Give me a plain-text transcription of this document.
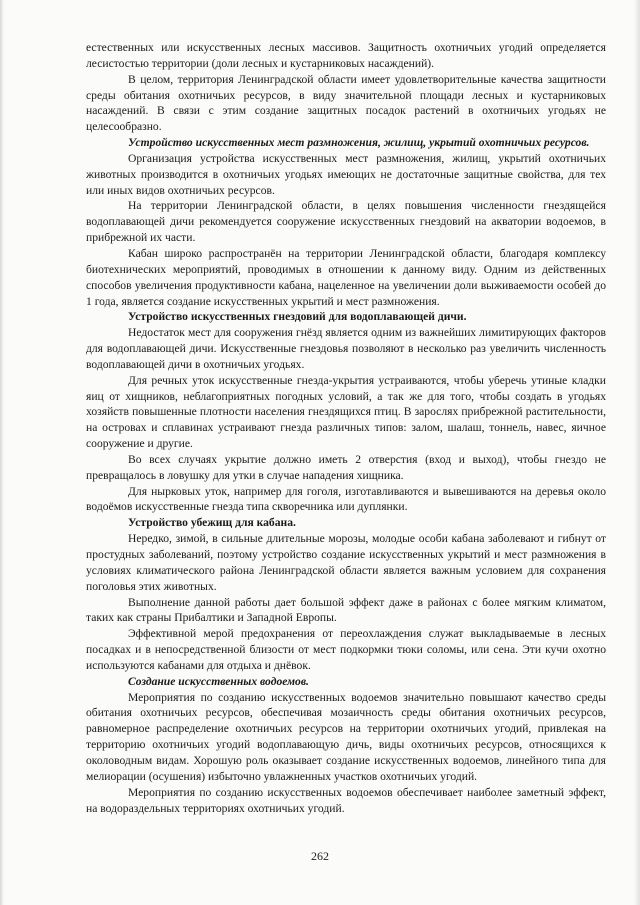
естественных или искусственных лесных массивов. Защитность охотничьих угодий определяется лесистостью территории (доли лесных и кустарниковых насаждений).

В целом, территория Ленинградской области имеет удовлетворительные качества защитности среды обитания охотничьих ресурсов, в виду значительной площади лесных и кустарниковых насаждений. В связи с этим создание защитных посадок растений в охотничьих угодьях не целесообразно.

Устройство искусственных мест размножения, жилищ, укрытий охотничьих ресурсов.

Организация устройства искусственных мест размножения, жилищ, укрытий охотничьих животных производится в охотничьих угодьях имеющих не достаточные защитные свойства, для тех или иных видов охотничьих ресурсов.

На территории Ленинградской области, в целях повышения численности гнездящейся водоплавающей дичи рекомендуется сооружение искусственных гнездовий на акватории водоемов, в прибрежной их части.

Кабан широко распространён на территории Ленинградской области, благодаря комплексу биотехнических мероприятий, проводимых в отношении к данному виду. Одним из действенных способов увеличения продуктивности кабана, нацеленное на увеличении доли выживаемости особей до 1 года, является создание искусственных укрытий и мест размножения.

Устройство искусственных гнездовий для водоплавающей дичи.

Недостаток мест для сооружения гнёзд является одним из важнейших лимитирующих факторов для водоплавающей дичи. Искусственные гнездовья позволяют в несколько раз увеличить численность водоплавающей дичи в охотничьих угодьях.

Для речных уток искусственные гнезда-укрытия устраиваются, чтобы уберечь утиные кладки яиц от хищников, неблагоприятных погодных условий, а так же для того, чтобы создать в угодьях хозяйств повышенные плотности населения гнездящихся птиц. В зарослях прибрежной растительности, на островах и сплавинах устраивают гнезда различных типов: залом, шалаш, тоннель, навес, яичное сооружение и другие.

Во всех случаях укрытие должно иметь 2 отверстия (вход и выход), чтобы гнездо не превращалось в ловушку для утки в случае нападения хищника.

Для нырковых уток, например для гоголя, изготавливаются и вывешиваются на деревья около водоёмов искусственные гнезда типа скворечника или дуплянки.

Устройство убежищ для кабана.

Нередко, зимой, в сильные длительные морозы, молодые особи кабана заболевают и гибнут от простудных заболеваний, поэтому устройство создание искусственных укрытий и мест размножения в условиях климатического района Ленинградской области является важным условием для сохранения поголовья этих животных.

Выполнение данной работы дает большой эффект даже в районах с более мягким климатом, таких как страны Прибалтики и Западной Европы.

Эффективной мерой предохранения от переохлаждения служат выкладываемые в лесных посадках и в непосредственной близости от мест подкормки тюки соломы, или сена. Эти кучи охотно используются кабанами для отдыха и днёвок.

Создание искусственных водоемов.

Мероприятия по созданию искусственных водоемов значительно повышают качество среды обитания охотничьих ресурсов, обеспечивая мозаичность среды обитания охотничьих ресурсов, равномерное распределение охотничьих ресурсов на территории охотничьих угодий, привлекая на территорию охотничьих угодий водоплавающую дичь, виды охотничьих ресурсов, относящихся к околоводным видам. Хорошую роль оказывает создание искусственных водоемов, линейного типа для мелиорации (осушения) избыточно увлажненных участков охотничьих угодий.

Мероприятия по созданию искусственных водоемов обеспечивает наиболее заметный эффект, на водораздельных территориях охотничьих угодий.

262
